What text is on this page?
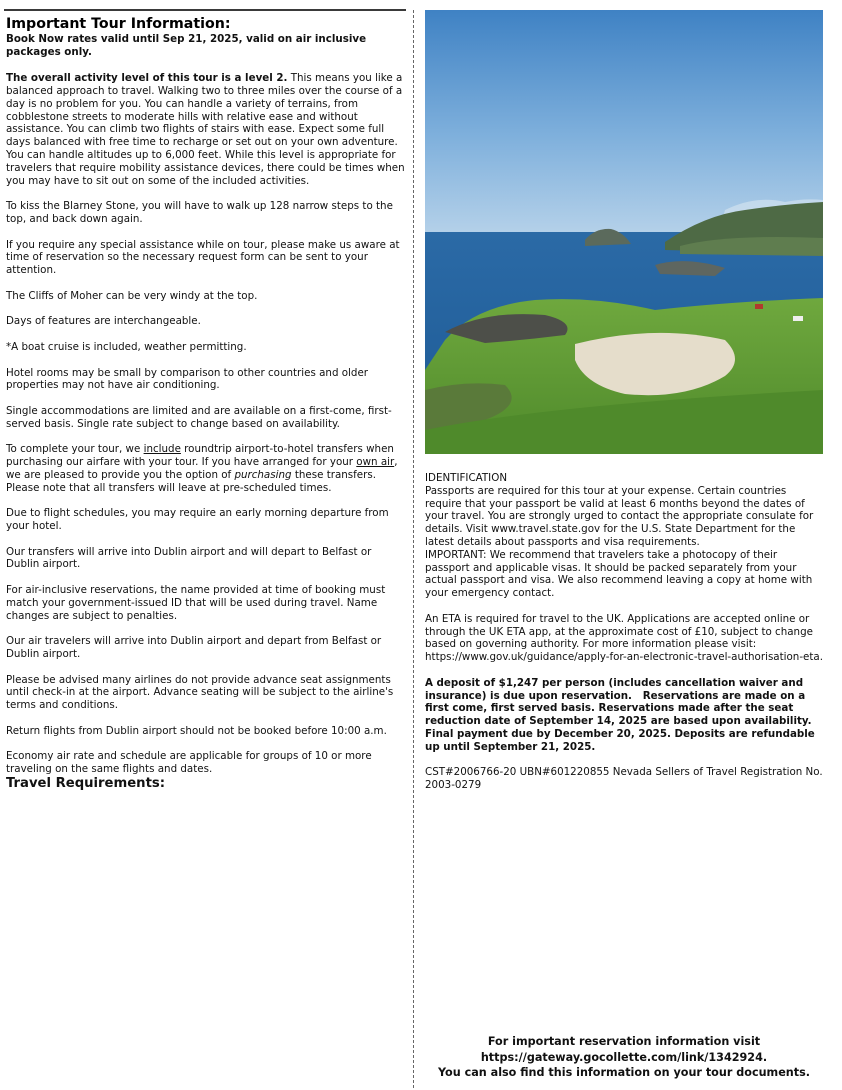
Important Tour Information:
Book Now rates valid until Sep 21, 2025, valid on air inclusive packages only.
The overall activity level of this tour is a level 2. This means you like a balanced approach to travel. Walking two to three miles over the course of a day is no problem for you. You can handle a variety of terrains, from cobblestone streets to moderate hills with relative ease and without assistance. You can climb two flights of stairs with ease. Expect some full days balanced with free time to recharge or set out on your own adventure. You can handle altitudes up to 6,000 feet. While this level is appropriate for travelers that require mobility assistance devices, there could be times when you may have to sit out on some of the included activities.
To kiss the Blarney Stone, you will have to walk up 128 narrow steps to the top, and back down again.
If you require any special assistance while on tour, please make us aware at time of reservation so the necessary request form can be sent to your attention.
The Cliffs of Moher can be very windy at the top.
Days of features are interchangeable.
*A boat cruise is included, weather permitting.
Hotel rooms may be small by comparison to other countries and older properties may not have air conditioning.
Single accommodations are limited and are available on a first-come, first-served basis. Single rate subject to change based on availability.
To complete your tour, we include roundtrip airport-to-hotel transfers when purchasing our airfare with your tour. If you have arranged for your own air, we are pleased to provide you the option of purchasing these transfers. Please note that all transfers will leave at pre-scheduled times.
Due to flight schedules, you may require an early morning departure from your hotel.
Our transfers will arrive into Dublin airport and will depart to Belfast or Dublin airport.
For air-inclusive reservations, the name provided at time of booking must match your government-issued ID that will be used during travel. Name changes are subject to penalties.
Our air travelers will arrive into Dublin airport and depart from Belfast or Dublin airport.
Please be advised many airlines do not provide advance seat assignments until check-in at the airport. Advance seating will be subject to the airline's terms and conditions.
Return flights from Dublin airport should not be booked before 10:00 a.m.
Economy air rate and schedule are applicable for groups of 10 or more traveling on the same flights and dates.
Travel Requirements:
IDENTIFICATION
Passports are required for this tour at your expense. Certain countries require that your passport be valid at least 6 months beyond the dates of your travel. You are strongly urged to contact the appropriate consulate for details. Visit www.travel.state.gov for the U.S. State Department for the latest details about passports and visa requirements.
IMPORTANT: We recommend that travelers take a photocopy of their passport and applicable visas. It should be packed separately from your actual passport and visa. We also recommend leaving a copy at home with your emergency contact.
An ETA is required for travel to the UK. Applications are accepted online or through the UK ETA app, at the approximate cost of £10, subject to change based on governing authority. For more information please visit: https://www.gov.uk/guidance/apply-for-an-electronic-travel-authorisation-eta.
A deposit of $1,247 per person (includes cancellation waiver and insurance) is due upon reservation.   Reservations are made on a first come, first served basis. Reservations made after the seat reduction date of September 14, 2025 are based upon availability. Final payment due by December 20, 2025. Deposits are refundable up until September 21, 2025.
CST#2006766-20 UBN#601220855 Nevada Sellers of Travel Registration No. 2003-0279
For important reservation information visit
https://gateway.gocollette.com/link/1342924.
You can also find this information on your tour documents.
